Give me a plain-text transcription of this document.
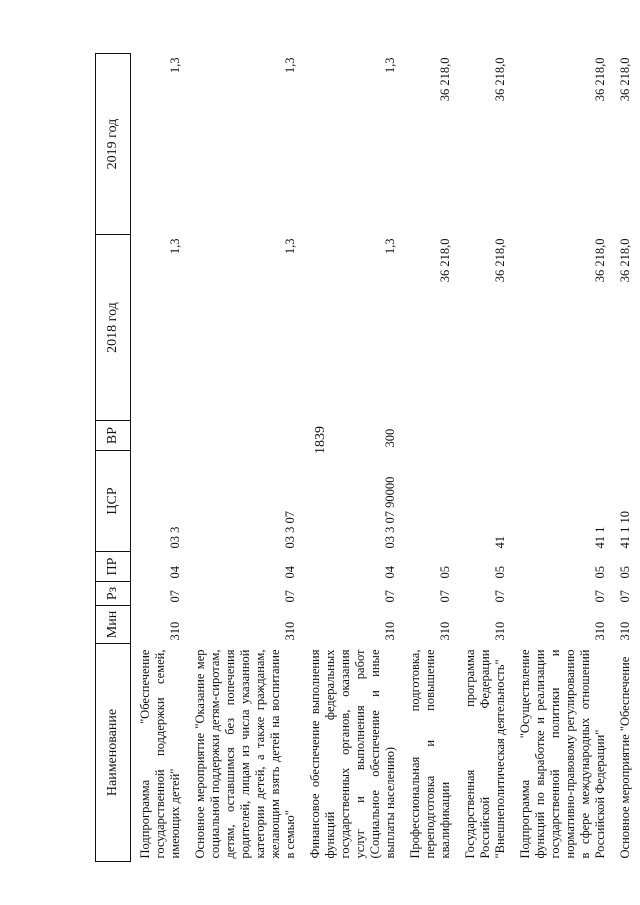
1839
Наименование	Мин	Рз	ПР	ЦСР	ВР	2018 год	2019 год
Подпрограмма "Обеспечение государственной поддержки семей, имеющих детей"	310	07	04	03 3		1,3	1,3
Основное мероприятие "Оказание мер социальной поддержки детям-сиротам, детям, оставшимся без попечения родителей, лицам из числа указанной категории детей, а также гражданам, желающим взять детей на воспитание в семью"	310	07	04	03 3 07		1,3	1,3
Финансовое обеспечение выполнения функций федеральных государственных органов, оказания услуг и выполнения работ (Социальное обеспечение и иные выплаты населению)	310	07	04	03 3 07 90000	300	1,3	1,3
Профессиональная подготовка, переподготовка и повышение квалификации	310	07	05			36 218,0	36 218,0
Государственная программа Российской Федерации "Внешнеполитическая деятельность"	310	07	05	41		36 218,0	36 218,0
Подпрограмма "Осуществление функций по выработке и реализации государственной политики и нормативно-правовому регулированию в сфере международных отношений Российской Федерации"	310	07	05	41 1		36 218,0	36 218,0
Основное мероприятие "Обеспечение	310	07	05	41 1 10		36 218,0	36 218,0
